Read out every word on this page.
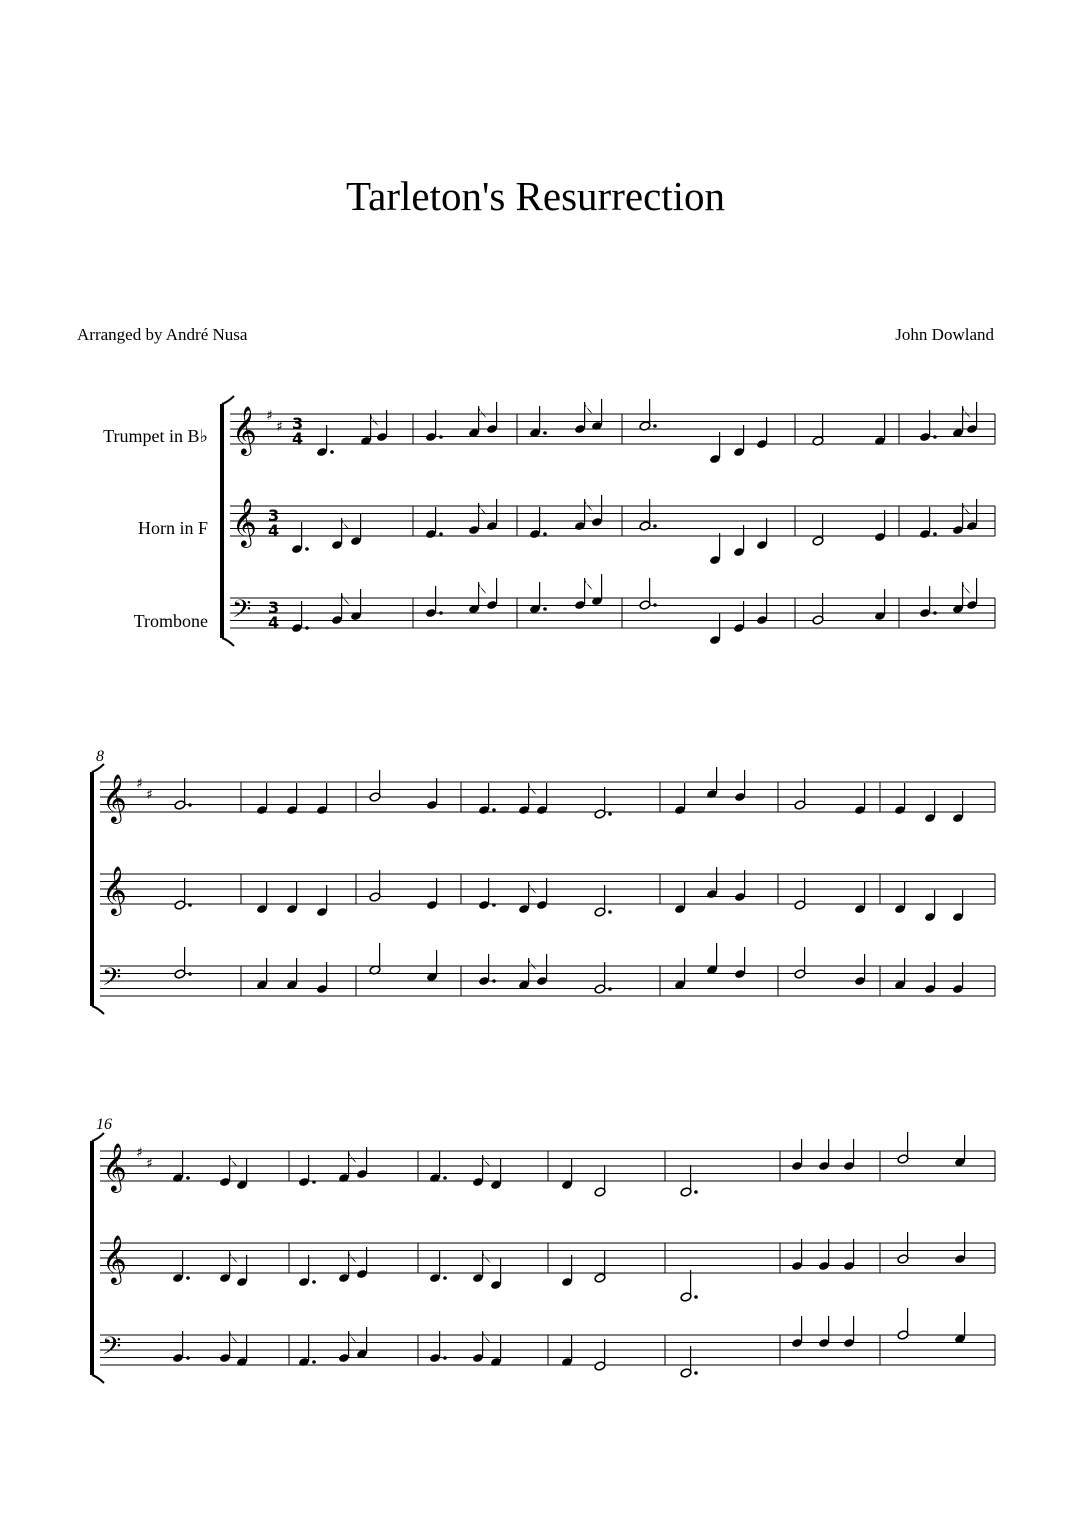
Tarleton's Resurrection
Arranged by André Nusa	John Dowland
Trumpet in B♭
Horn in F
Trombone
8
16
𝄞 ♯
♯ 3
4
𝄞 3
4
𝄢 3
4
𝄞 ♯
♯
𝄞
𝄢
𝄞 ♯
♯
𝄞
𝄢
